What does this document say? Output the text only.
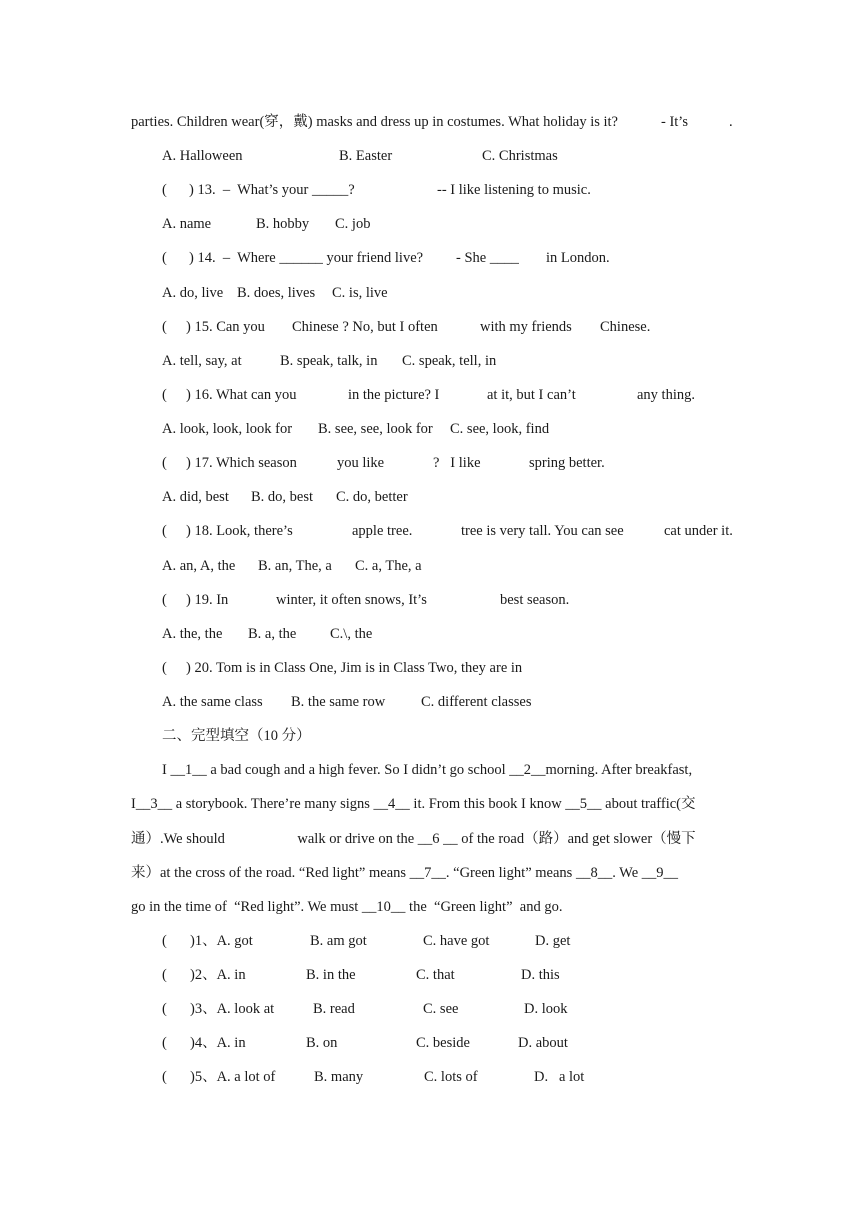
parties. Children wear(穿，戴) masks and dress up in costumes. What holiday is it?	- It’s	.
A. Halloween	B. Easter	C. Christmas
( ) 13.  –  What’s your _____?	-- I like listening to music.
A. name	B. hobby C. job
( ) 14.  –  Where ______ your friend live? - She ____ in London.
A. do, live B. does, lives C. is, live
( ) 15. Can you Chinese ? No, but I often	with my friends Chinese.
A. tell, say, at	B. speak, talk, in C. speak, tell, in
( ) 16. What can you	in the picture? I	at it, but I can’t	any thing.
A. look, look, look for B. see, see, look for C. see, look, find
( ) 17. Which season	you like	?   I like	spring better.
A. did, best B. do, best C. do, better
( ) 18. Look, there’s	apple tree.	tree is very tall. You can see	cat under it.
A. an, A, the B. an, The, a C. a, The, a
( ) 19. In	winter, it often snows, It’s	best season.
A. the, the B. a, the C.\, the
( ) 20. Tom is in Class One, Jim is in Class Two, they are in
A. the same class B. the same row C. different classes
二、完型填空（10 分）
I __1__ a bad cough and a high fever. So I didn’t go school __2__morning. After breakfast,
I__3__ a storybook. There’re many signs __4__ it. From this book I know __5__ about traffic(交
通）.We should                    walk or drive on the __6 __ of the road（路）and get slower（慢下
来）at the cross of the road. “Red light” means __7__. “Green light” means __8__. We __9__
go in the time of  “Red light”. We must __10__ the  “Green light”  and go.
( )1、A. got	B. am got	C. have got	D. get
( )2、A. in	B. in the	C. that	D. this
( )3、A. look at	B. read	C. see	D. look
( )4、A. in	B. on	C. beside	D. about
( )5、A. a lot of	B. many	C. lots of	D.   a lot
